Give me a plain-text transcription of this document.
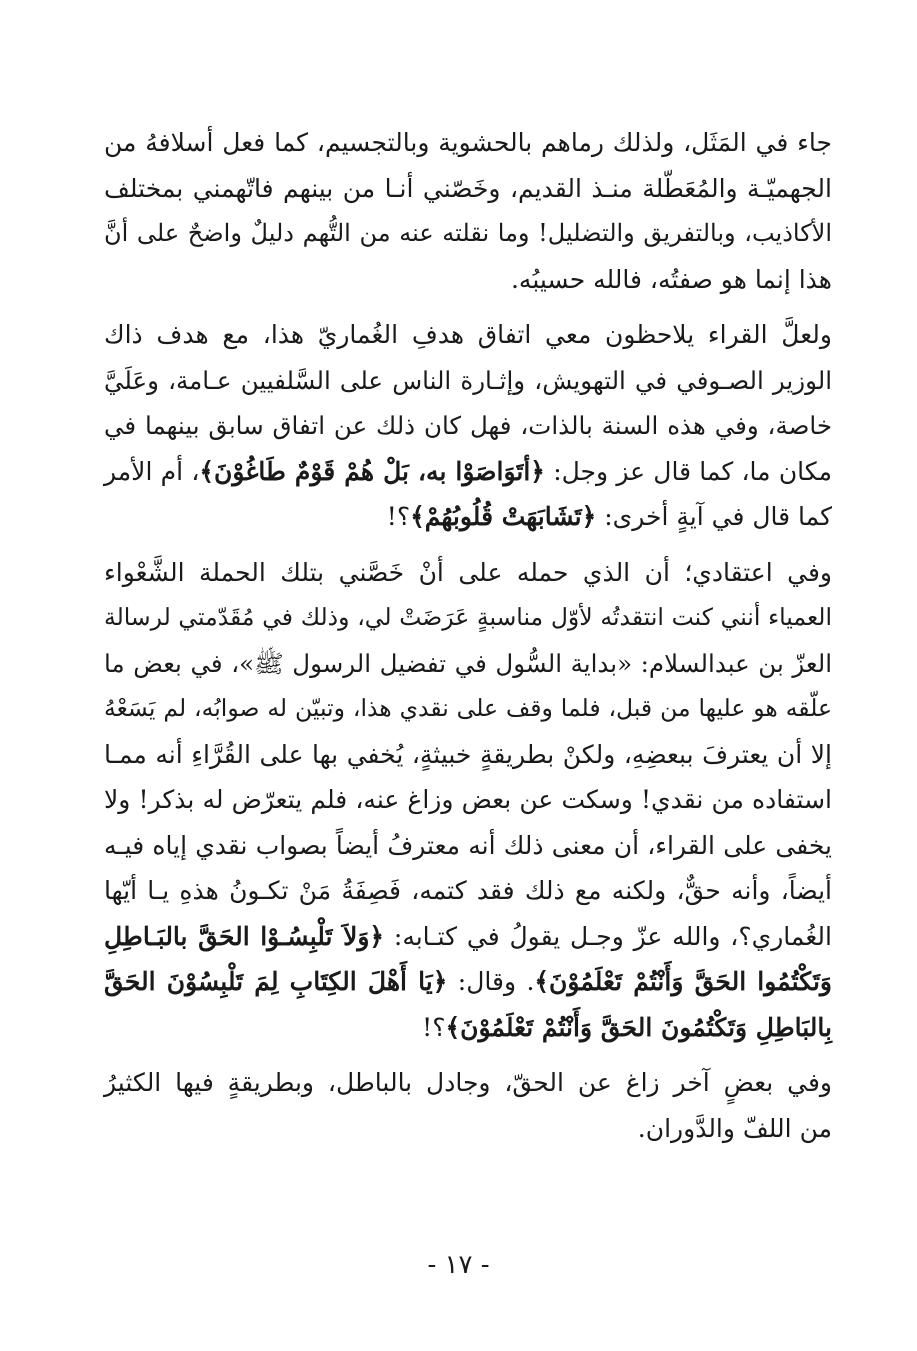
جاء في المَثَل، ولذلك رماهم بالحشوية وبالتجسيم، كما فعل أسلافهُ من
الجهميّـة والمُعَطّلة منـذ القديم، وخَصّني أنـا من بينهم فاتّهمني بمختلف
الأكاذيب، وبالتفريق والتضليل! وما نقلته عنه من التُّهم دليلٌ واضحٌ على أنَّ
هذا إنما هو صفتُه، فالله حسيبُه.
ولعلَّ القراء يلاحظون معي اتفاق هدفِ الغُماريّ هذا، مع هدف ذاك
الوزير الصـوفي في التهويش، وإثـارة الناس على السَّلفيين عـامة، وعَلَيَّ
خاصة، وفي هذه السنة بالذات، فهل كان ذلك عن اتفاق سابق بينهما في
مكان ما، كما قال عز وجل: ﴿أتَوَاصَوْا به، بَلْ هُمْ قَوْمٌ طَاغُوْنَ﴾، أم الأمر
كما قال في آيةٍ أخرى: ﴿تَشَابَهَتْ قُلُوبُهُمْ﴾؟!
وفي اعتقادي؛ أن الذي حمله على أنْ خَصَّني بتلك الحملة الشَّعْواء
العمياء أنني كنت انتقدتُه لأوّل مناسبةٍ عَرَضَتْ لي، وذلك في مُقَدّمتي لرسالة
العزّ بن عبدالسلام: «بداية السُّول في تفضيل الرسول ﷺ»، في بعض ما
علّقه هو عليها من قبل، فلما وقف على نقدي هذا، وتبيّن له صوابُه، لم يَسَعْهُ
إلا أن يعترفَ ببعضِهِ، ولكنْ بطريقةٍ خبيثةٍ، يُخفي بها على القُرَّاءِ أنه ممـا
استفاده من نقدي! وسكت عن بعض وزاغ عنه، فلم يتعرّض له بذكر! ولا
يخفى على القراء، أن معنى ذلك أنه معترفُ أيضاً بصواب نقدي إياه فيـه
أيضاً، وأنه حقٌّ، ولكنه مع ذلك فقد كتمه، فَصِفَةُ مَنْ تكـونُ هذهِ يـا أيّها
الغُماري؟، والله عزّ وجـل يقولُ في كتـابه: ﴿وَلاَ تَلْبِسُـوْا الحَقَّ بالبَـاطِلِ
وَتَكْتُمُوا الحَقَّ وَأَنْتُمْ تَعْلَمُوْنَ﴾. وقال: ﴿يَا أَهْلَ الكِتَابِ لِمَ تَلْبِسُوْنَ الحَقَّ
بِالبَاطِلِ وَتَكْتُمُونَ الحَقَّ وَأَنْتُمْ تَعْلَمُوْنَ﴾؟!
وفي بعضٍ آخر زاغ عن الحقّ، وجادل بالباطل، وبطريقةٍ فيها الكثيرُ
من اللفّ والدَّوران.
- ١٧ -
